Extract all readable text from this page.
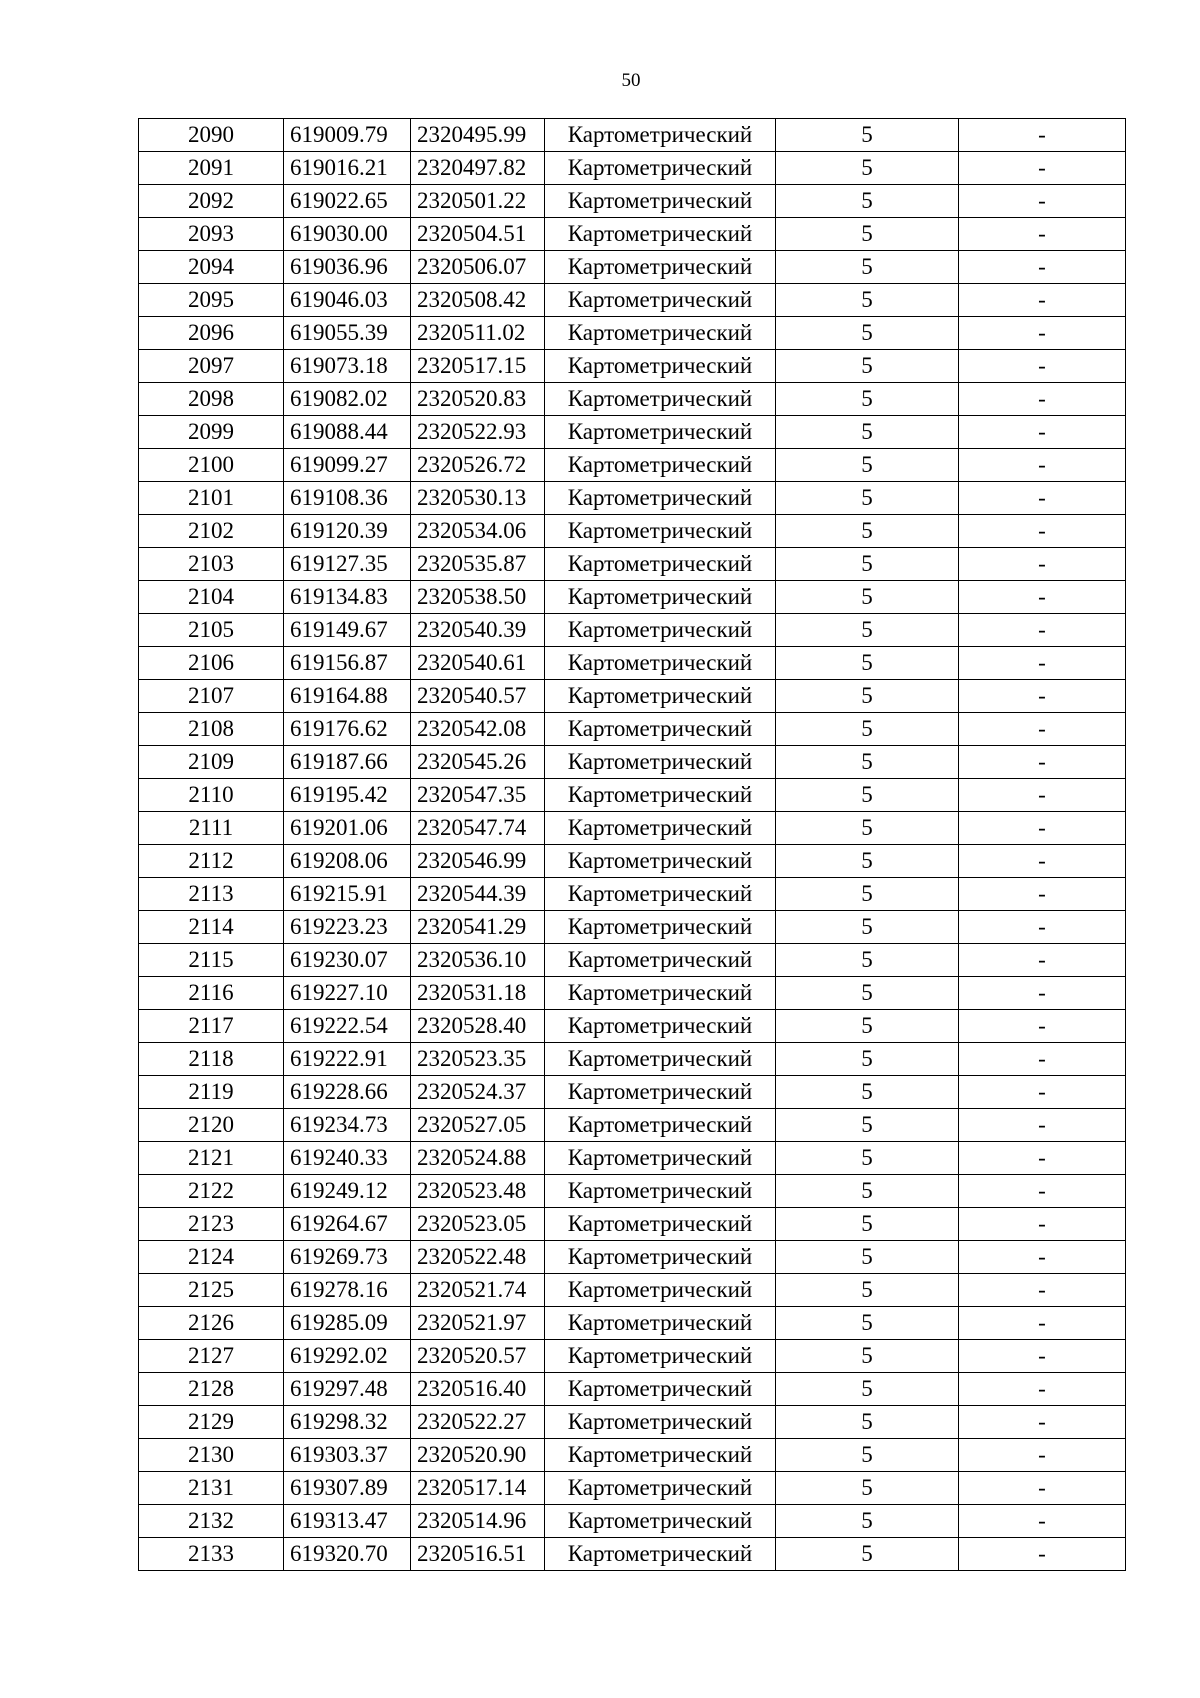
50
2090	619009.79	2320495.99	Картометрический	5	-
2091	619016.21	2320497.82	Картометрический	5	-
2092	619022.65	2320501.22	Картометрический	5	-
2093	619030.00	2320504.51	Картометрический	5	-
2094	619036.96	2320506.07	Картометрический	5	-
2095	619046.03	2320508.42	Картометрический	5	-
2096	619055.39	2320511.02	Картометрический	5	-
2097	619073.18	2320517.15	Картометрический	5	-
2098	619082.02	2320520.83	Картометрический	5	-
2099	619088.44	2320522.93	Картометрический	5	-
2100	619099.27	2320526.72	Картометрический	5	-
2101	619108.36	2320530.13	Картометрический	5	-
2102	619120.39	2320534.06	Картометрический	5	-
2103	619127.35	2320535.87	Картометрический	5	-
2104	619134.83	2320538.50	Картометрический	5	-
2105	619149.67	2320540.39	Картометрический	5	-
2106	619156.87	2320540.61	Картометрический	5	-
2107	619164.88	2320540.57	Картометрический	5	-
2108	619176.62	2320542.08	Картометрический	5	-
2109	619187.66	2320545.26	Картометрический	5	-
2110	619195.42	2320547.35	Картометрический	5	-
2111	619201.06	2320547.74	Картометрический	5	-
2112	619208.06	2320546.99	Картометрический	5	-
2113	619215.91	2320544.39	Картометрический	5	-
2114	619223.23	2320541.29	Картометрический	5	-
2115	619230.07	2320536.10	Картометрический	5	-
2116	619227.10	2320531.18	Картометрический	5	-
2117	619222.54	2320528.40	Картометрический	5	-
2118	619222.91	2320523.35	Картометрический	5	-
2119	619228.66	2320524.37	Картометрический	5	-
2120	619234.73	2320527.05	Картометрический	5	-
2121	619240.33	2320524.88	Картометрический	5	-
2122	619249.12	2320523.48	Картометрический	5	-
2123	619264.67	2320523.05	Картометрический	5	-
2124	619269.73	2320522.48	Картометрический	5	-
2125	619278.16	2320521.74	Картометрический	5	-
2126	619285.09	2320521.97	Картометрический	5	-
2127	619292.02	2320520.57	Картометрический	5	-
2128	619297.48	2320516.40	Картометрический	5	-
2129	619298.32	2320522.27	Картометрический	5	-
2130	619303.37	2320520.90	Картометрический	5	-
2131	619307.89	2320517.14	Картометрический	5	-
2132	619313.47	2320514.96	Картометрический	5	-
2133	619320.70	2320516.51	Картометрический	5	-
